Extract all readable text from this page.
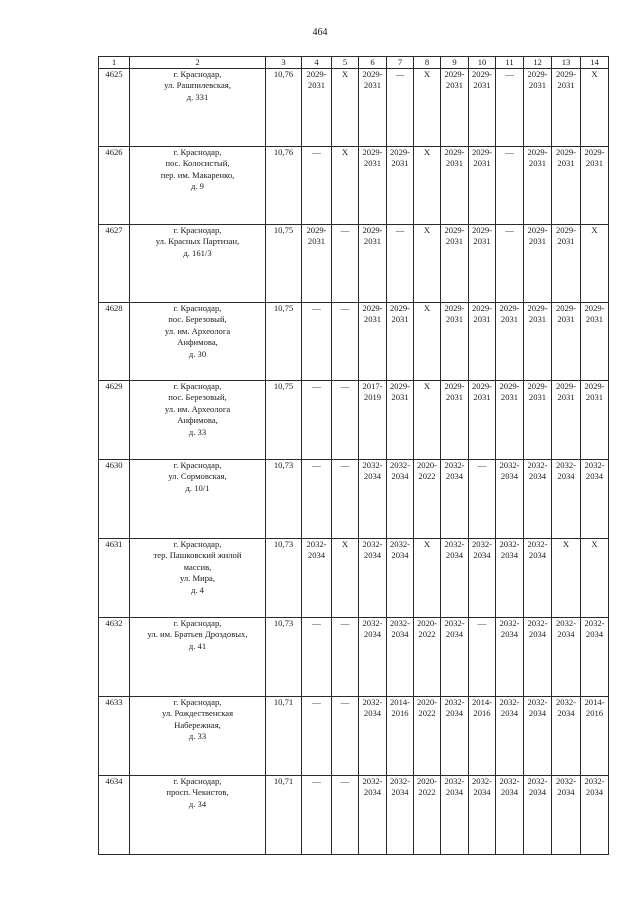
464
1	2	3	4	5	6	7	8	9	10	11	12	13	14
4625	г. Краснодар,
ул. Рашпилевская,
д. 331	10,76	2029-
2031	X	2029-
2031	—	X	2029-
2031	2029-
2031	—	2029-
2031	2029-
2031	X
4626	г. Краснодар,
пос. Колосистый,
пер. им. Макаренко,
д. 9	10,76	—	X	2029-
2031	2029-
2031	X	2029-
2031	2029-
2031	—	2029-
2031	2029-
2031	2029-
2031

4627	г. Краснодар,
ул. Красных Партизан,
д. 161/3	10,75	2029-
2031	—	2029-
2031	—	X	2029-
2031	2029-
2031	—	2029-
2031	2029-
2031	X
4628	г. Краснодар,
пос. Березовый,
ул. им. Археолога
Анфимова,
д. 30	10,75	—	—	2029-
2031	2029-
2031	X	2029-
2031	2029-
2031	2029-
2031	2029-
2031	2029-
2031	2029-
2031

4629	г. Краснодар,
пос. Березовый,
ул. им. Археолога
Анфимова,
д. 33	10,75	—	—	2017-
2019	2029-
2031	X	2029-
2031	2029-
2031	2029-
2031	2029-
2031	2029-
2031	2029-
2031

4630	г. Краснодар,
ул. Сормовская,
д. 10/1	10,73	—	—	2032-
2034	2032-
2034	2020-
2022	2032-
2034	—	2032-
2034	2032-
2034	2032-
2034	2032-
2034

4631	г. Краснодар,
тер. Пашковский жилой
массив,
ул. Мира,
д. 4	10,73	2032-
2034	X	2032-
2034	2032-
2034	X	2032-
2034	2032-
2034	2032-
2034	2032-
2034	X	X
4632	г. Краснодар,
ул. им. Братьев Дроздовых,
д. 41	10,73	—	—	2032-
2034	2032-
2034	2020-
2022	2032-
2034	—	2032-
2034	2032-
2034	2032-
2034	2032-
2034

4633	г. Краснодар,
ул. Рождественская
Набережная,
д. 33	10,71	—	—	2032-
2034	2014-
2016	2020-
2022	2032-
2034	2014-
2016	2032-
2034	2032-
2034	2032-
2034	2014-
2016

4634	г. Краснодар,
просп. Чекистов,
д. 34	10,71	—	—	2032-
2034	2032-
2034	2020-
2022	2032-
2034	2032-
2034	2032-
2034	2032-
2034	2032-
2034	2032-
2034
